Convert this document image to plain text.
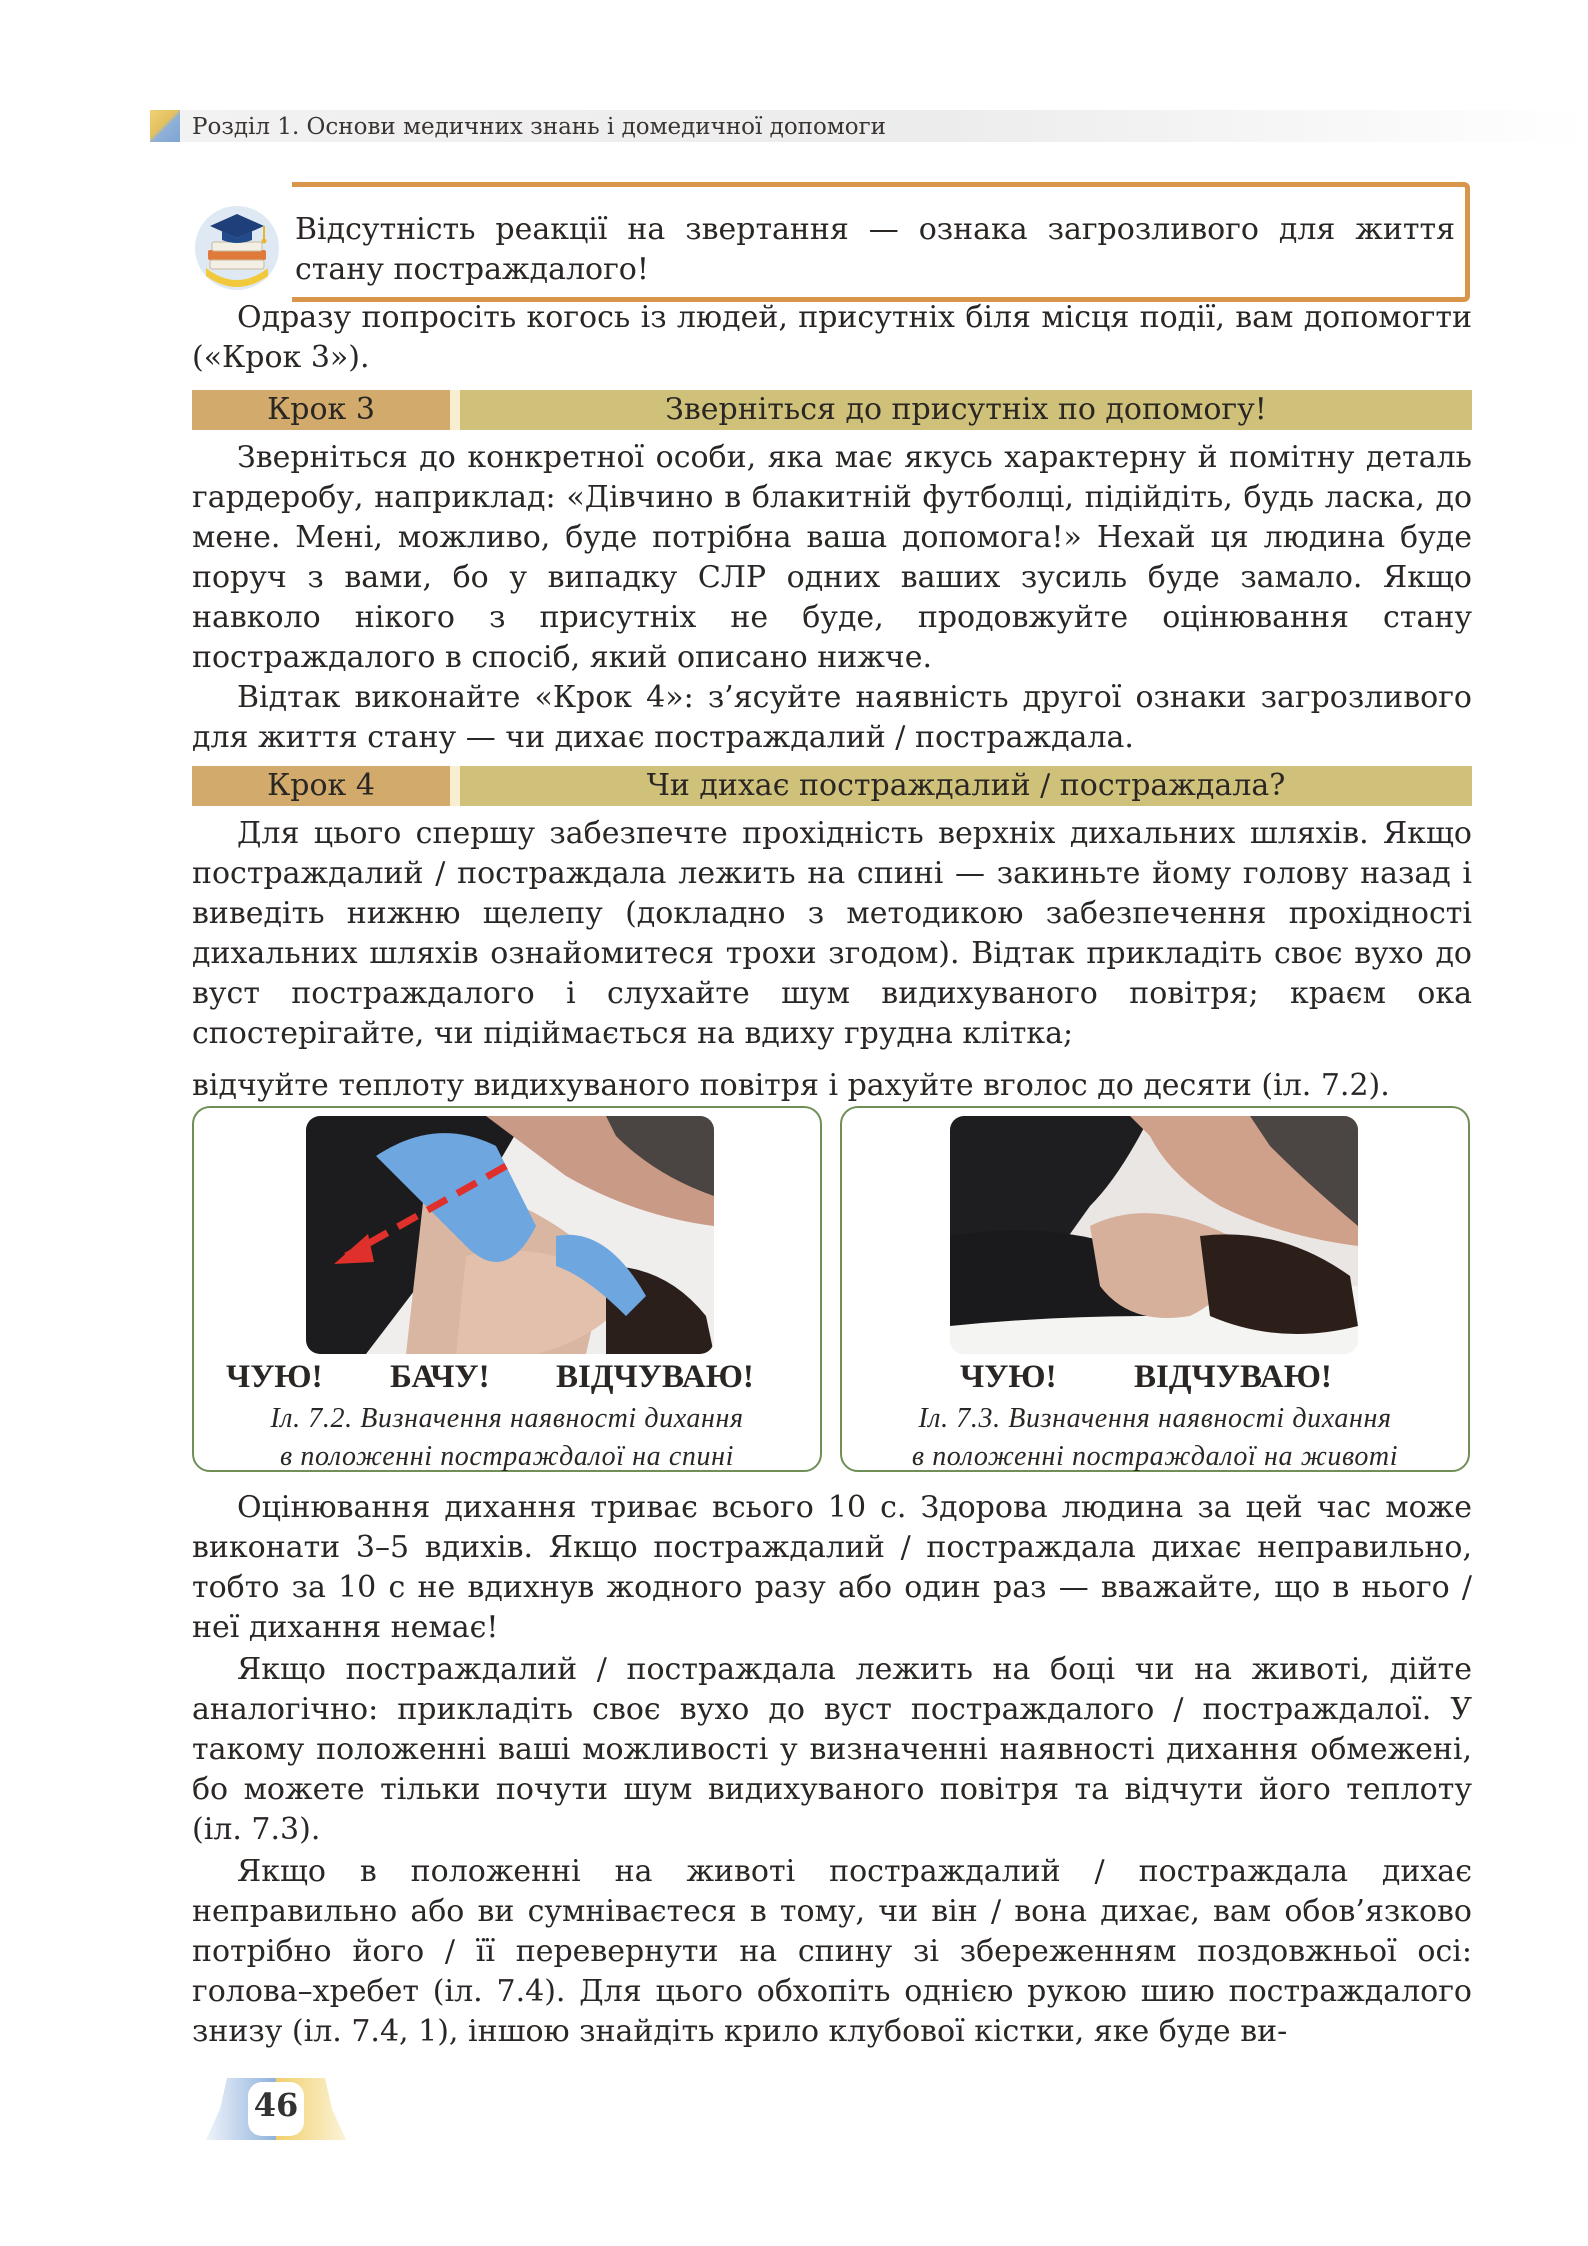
Розділ 1. Основи медичних знань і домедичної допомоги
Відсутність реакції на звертання — ознака загрозливого для життя стану постраждалого!

Одразу попросіть когось із людей, присутніх біля місця події, вам допомогти («Крок 3»).

Крок 3	Зверніться до присутніх по допомогу!

Зверніться до конкретної особи, яка має якусь характерну й помітну деталь гардеробу, наприклад: «Дівчино в блакитній футболці, підійдіть, будь ласка, до мене. Мені, можливо, буде потрібна ваша допомога!» Нехай ця людина буде поруч з вами, бо у випадку СЛР одних ваших зусиль буде замало. Якщо навколо нікого з присутніх не буде, продовжуйте оцінювання стану постраждалого в спосіб, який описано нижче.

Відтак виконайте «Крок 4»: з’ясуйте наявність другої ознаки загрозливого для життя стану — чи дихає постраждалий / постраждала.

Крок 4	Чи дихає постраждалий / постраждала?

Для цього спершу забезпечте прохідність верхніх дихальних шляхів. Якщо постраждалий / постраждала лежить на спині — закиньте йому голову назад і виведіть нижню щелепу (докладно з методикою забезпечення прохідності дихальних шляхів ознайомитеся трохи згодом). Відтак прикладіть своє вухо до вуст постраждалого і слухайте шум видихуваного повітря; краєм ока спостерігайте, чи підіймається на вдиху грудна клітка;

відчуйте теплоту видихуваного повітря і рахуйте вголос до десяти (іл. 7.2).

ЧУЮ! БАЧУ! ВІДЧУВАЮ!
Іл. 7.2. Визначення наявності дихання
в положенні постраждалої на спині
ЧУЮ! ВІДЧУВАЮ!
Іл. 7.3. Визначення наявності дихання
в положенні постраждалої на животі

Оцінювання дихання триває всього 10 с. Здорова людина за цей час може виконати 3–5 вдихів. Якщо постраждалий / постраждала дихає неправильно, тобто за 10 с не вдихнув жодного разу або один раз — вважайте, що в нього / неї дихання немає!

Якщо постраждалий / постраждала лежить на боці чи на животі, дійте аналогічно: прикладіть своє вухо до вуст постраждалого / постраждалої. У такому положенні ваші можливості у визначенні наявності дихання обмежені, бо можете тільки почути шум видихуваного повітря та відчути його теплоту (іл. 7.3).

Якщо в положенні на животі постраждалий / постраждала дихає неправильно або ви сумніваєтеся в тому, чи він / вона дихає, вам обов’язково потрібно його / її перевернути на спину зі збереженням поздовжньої осі: голова–хребет (іл. 7.4). Для цього обхопіть однією рукою шию постраждалого знизу (іл. 7.4, 1), іншою знайдіть крило клубової кістки, яке буде ви-

46
